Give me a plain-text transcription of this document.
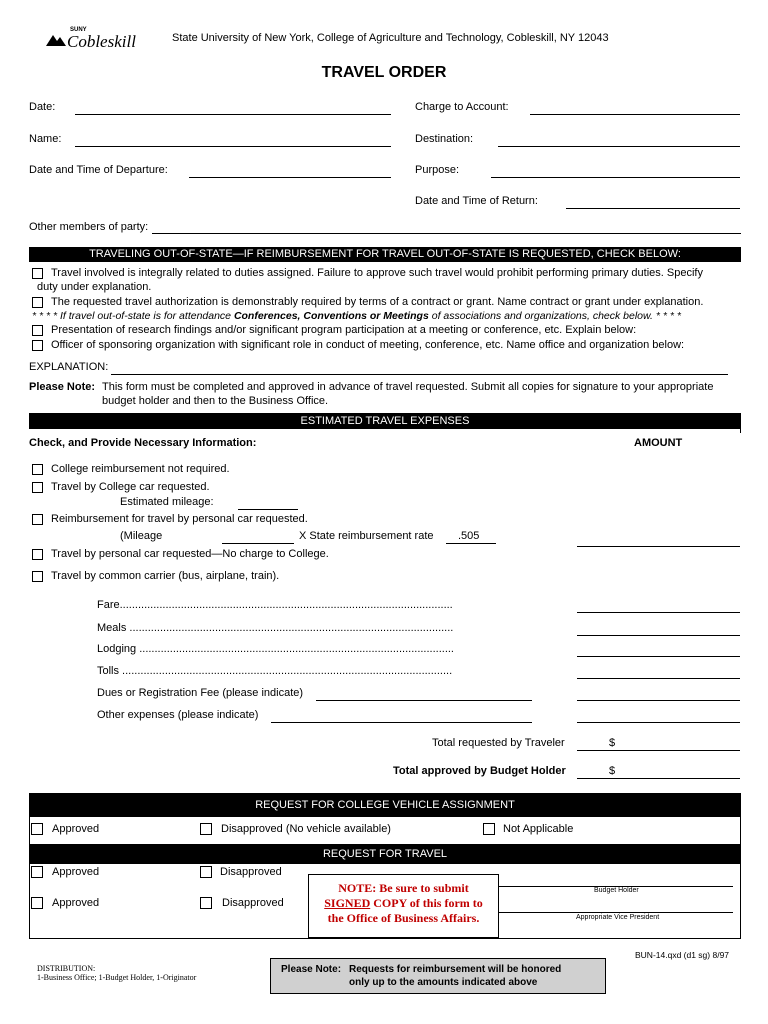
SUNY
Cobleskill	State University of New York, College of Agriculture and Technology, Cobleskill, NY 12043
TRAVEL ORDER
Date:
Name:
Date and Time of Departure:
Other members of party:
Charge to Account:
Destination:
Purpose:
Date and Time of Return:
TRAVELING OUT-OF-STATE—IF REIMBURSEMENT FOR TRAVEL OUT-OF-STATE IS REQUESTED, CHECK BELOW:
Travel involved is integrally related to duties assigned. Failure to approve such travel would prohibit performing primary duties. Specify
duty under explanation.
The requested travel authorization is demonstrably required by terms of a contract or grant. Name contract or grant under explanation.
* * * * If travel out-of-state is for attendance Conferences, Conventions or Meetings of associations and organizations, check below. * * * *
Presentation of research findings and/or significant program participation at a meeting or conference, etc. Explain below:
Officer of sponsoring organization with significant role in conduct of meeting, conference, etc. Name office and organization below:
EXPLANATION:
Please Note: This form must be completed and approved in advance of travel requested. Submit all copies for signature to your appropriate
budget holder and then to the Business Office.
ESTIMATED TRAVEL EXPENSES
Check, and Provide Necessary Information:	AMOUNT
College reimbursement not required.
Travel by College car requested.
Estimated mileage:
Reimbursement for travel by personal car requested.
(Mileage	X State reimbursement rate .505
Travel by personal car requested—No charge to College.
Travel by common carrier (bus, airplane, train).
Fare.............................................................................................................
Meals ..........................................................................................................
Lodging .......................................................................................................
Tolls ............................................................................................................
Dues or Registration Fee (please indicate)
Other expenses (please indicate)
Total requested by Traveler	$
Total approved by Budget Holder	$
REQUEST FOR COLLEGE VEHICLE ASSIGNMENT
Approved	Disapproved (No vehicle available)	Not Applicable
REQUEST FOR TRAVEL
Approved	Disapproved
Approved	Disapproved
Budget Holder
Appropriate Vice President
NOTE: Be sure to submit
SIGNED COPY of this form to
the Office of Business Affairs.
BUN-14.qxd (d1 sg) 8/97
DISTRIBUTION:
1-Business Office; 1-Budget Holder, 1-Originator
Please Note: Requests for reimbursement will be honored
only up to the amounts indicated above
